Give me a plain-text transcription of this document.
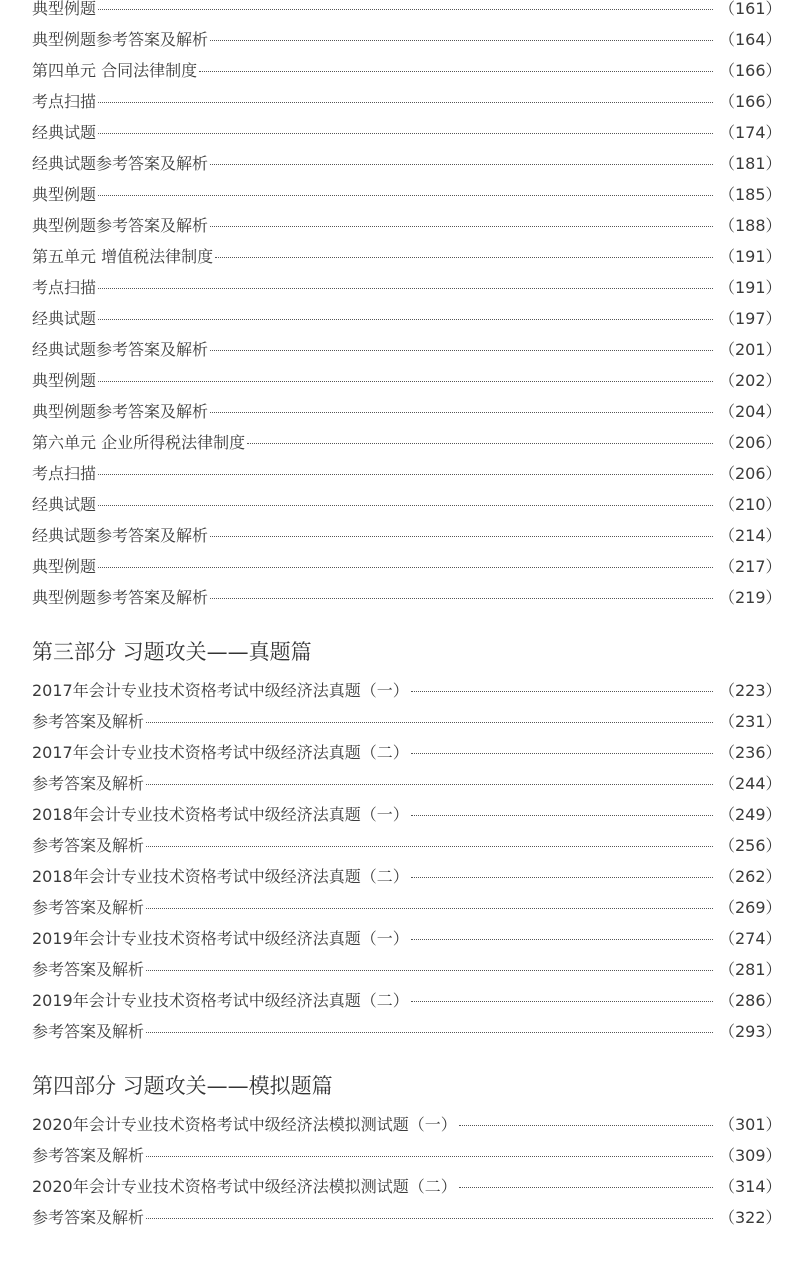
典型例题	（161）
典型例题参考答案及解析	（164）
第四单元 合同法律制度	（166）
考点扫描	（166）
经典试题	（174）
经典试题参考答案及解析	（181）
典型例题	（185）
典型例题参考答案及解析	（188）
第五单元 增值税法律制度	（191）
考点扫描	（191）
经典试题	（197）
经典试题参考答案及解析	（201）
典型例题	（202）
典型例题参考答案及解析	（204）
第六单元 企业所得税法律制度	（206）
考点扫描	（206）
经典试题	（210）
经典试题参考答案及解析	（214）
典型例题	（217）
典型例题参考答案及解析	（219）
第三部分 习题攻关——真题篇
2017年会计专业技术资格考试中级经济法真题（一）	（223）
参考答案及解析	（231）
2017年会计专业技术资格考试中级经济法真题（二）	（236）
参考答案及解析	（244）
2018年会计专业技术资格考试中级经济法真题（一）	（249）
参考答案及解析	（256）
2018年会计专业技术资格考试中级经济法真题（二）	（262）
参考答案及解析	（269）
2019年会计专业技术资格考试中级经济法真题（一）	（274）
参考答案及解析	（281）
2019年会计专业技术资格考试中级经济法真题（二）	（286）
参考答案及解析	（293）
第四部分 习题攻关——模拟题篇
2020年会计专业技术资格考试中级经济法模拟测试题（一）	（301）
参考答案及解析	（309）
2020年会计专业技术资格考试中级经济法模拟测试题（二）	（314）
参考答案及解析	（322）
